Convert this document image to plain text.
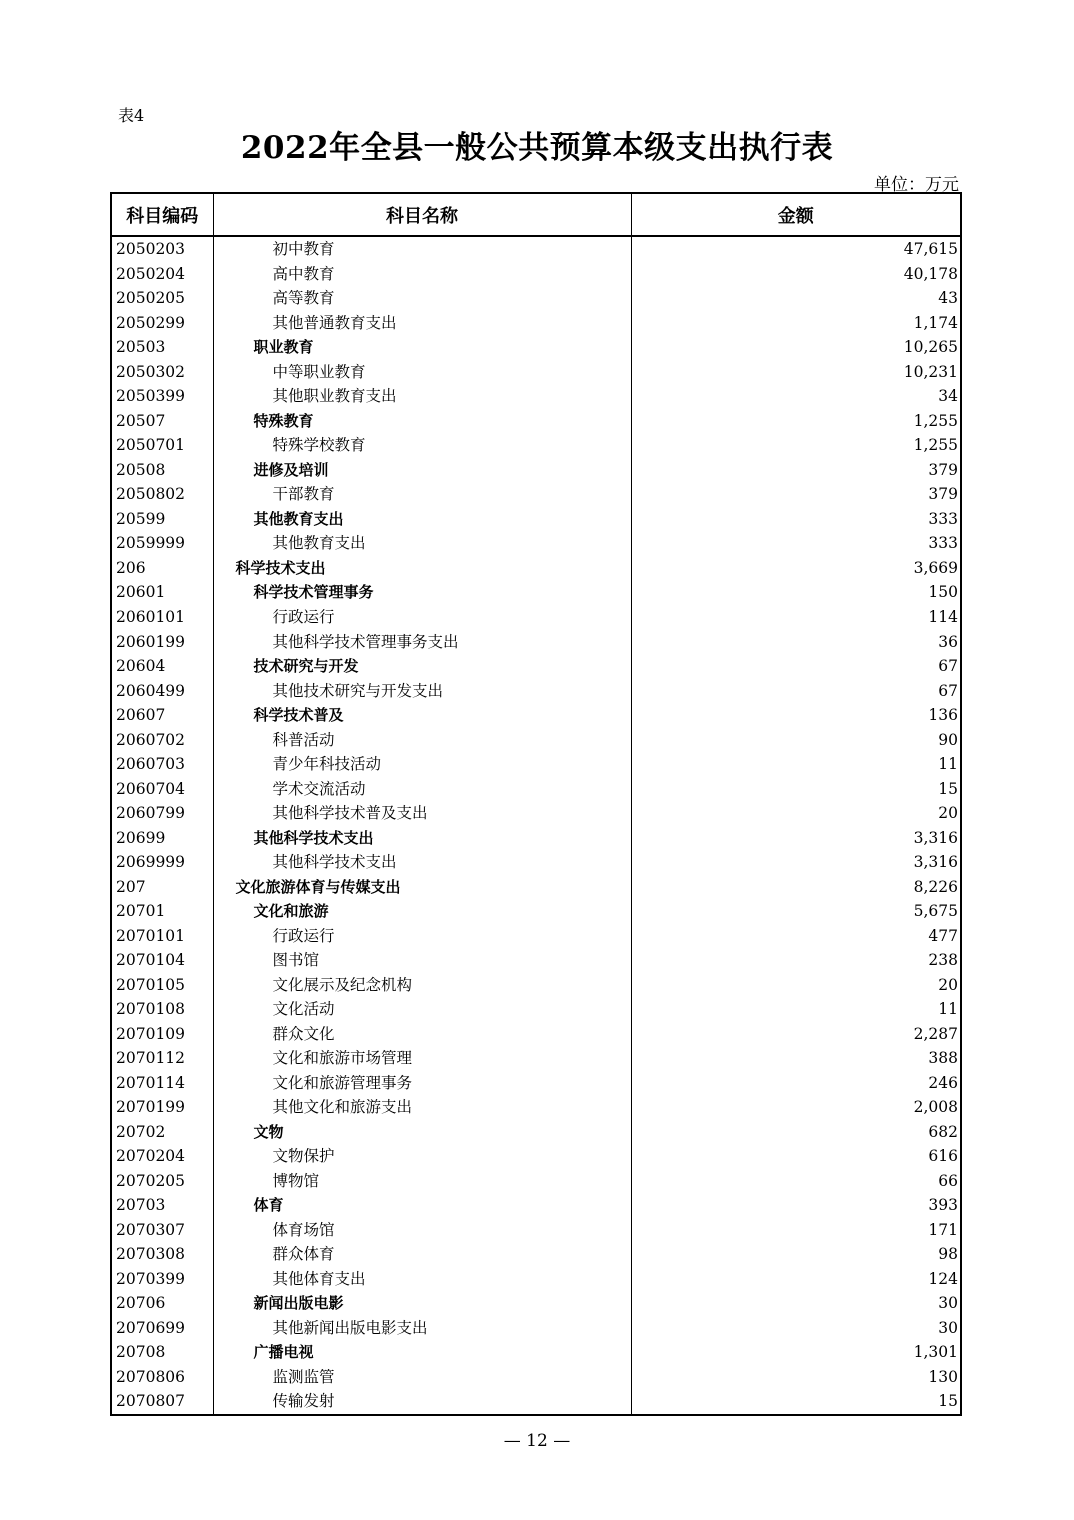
表4
2022年全县一般公共预算本级支出执行表
单位：万元
科目编码	科目名称	金额
2050203	初中教育	47,615
2050204	高中教育	40,178
2050205	高等教育	43
2050299	其他普通教育支出	1,174
20503	职业教育	10,265
2050302	中等职业教育	10,231
2050399	其他职业教育支出	34
20507	特殊教育	1,255
2050701	特殊学校教育	1,255
20508	进修及培训	379
2050802	干部教育	379
20599	其他教育支出	333
2059999	其他教育支出	333
206	科学技术支出	3,669
20601	科学技术管理事务	150
2060101	行政运行	114
2060199	其他科学技术管理事务支出	36
20604	技术研究与开发	67
2060499	其他技术研究与开发支出	67
20607	科学技术普及	136
2060702	科普活动	90
2060703	青少年科技活动	11
2060704	学术交流活动	15
2060799	其他科学技术普及支出	20
20699	其他科学技术支出	3,316
2069999	其他科学技术支出	3,316
207	文化旅游体育与传媒支出	8,226
20701	文化和旅游	5,675
2070101	行政运行	477
2070104	图书馆	238
2070105	文化展示及纪念机构	20
2070108	文化活动	11
2070109	群众文化	2,287
2070112	文化和旅游市场管理	388
2070114	文化和旅游管理事务	246
2070199	其他文化和旅游支出	2,008
20702	文物	682
2070204	文物保护	616
2070205	博物馆	66
20703	体育	393
2070307	体育场馆	171
2070308	群众体育	98
2070399	其他体育支出	124
20706	新闻出版电影	30
2070699	其他新闻出版电影支出	30
20708	广播电视	1,301
2070806	监测监管	130
2070807	传输发射	15
— 12 —
